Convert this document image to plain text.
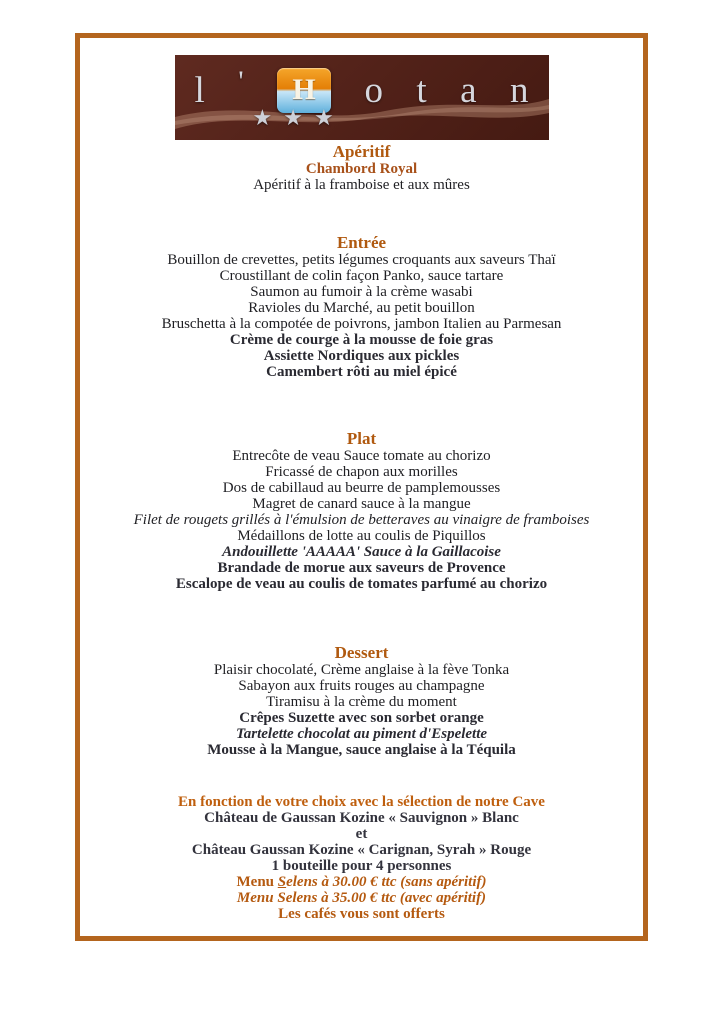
l ' H o t a n
★★★
Apéritif
Chambord Royal
Apéritif à la framboise et aux mûres
Entrée
Bouillon de crevettes, petits légumes croquants aux saveurs Thaï
Croustillant de colin façon Panko, sauce tartare
Saumon au fumoir à la crème wasabi
Ravioles du Marché, au petit bouillon
Bruschetta à la compotée de poivrons, jambon Italien au Parmesan
Crème de courge à la mousse de foie gras
Assiette Nordiques aux pickles
Camembert rôti au miel épicé
Plat
Entrecôte de veau Sauce tomate au chorizo
Fricassé de chapon aux morilles
Dos de cabillaud au beurre de pamplemousses
Magret de canard sauce à la mangue
Filet de rougets grillés à l'émulsion de betteraves au vinaigre de framboises
Médaillons de lotte au coulis de Piquillos
Andouillette 'AAAAA' Sauce à la Gaillacoise
Brandade de morue aux saveurs de Provence
Escalope de veau au coulis de tomates parfumé au chorizo
Dessert
Plaisir chocolaté, Crème anglaise à la fève Tonka
Sabayon aux fruits rouges au champagne
Tiramisu à la crème du moment
Crêpes Suzette avec son sorbet orange
Tartelette chocolat au piment d'Espelette
Mousse à la Mangue, sauce anglaise à la Téquila
En fonction de votre choix avec la sélection de notre Cave
Château de Gaussan Kozine « Sauvignon » Blanc
et
Château Gaussan Kozine « Carignan, Syrah » Rouge
1 bouteille pour 4 personnes
Menu Selens à 30.00 € ttc (sans apéritif)
Menu Selens à 35.00 € ttc (avec apéritif)
Les cafés vous sont offerts
